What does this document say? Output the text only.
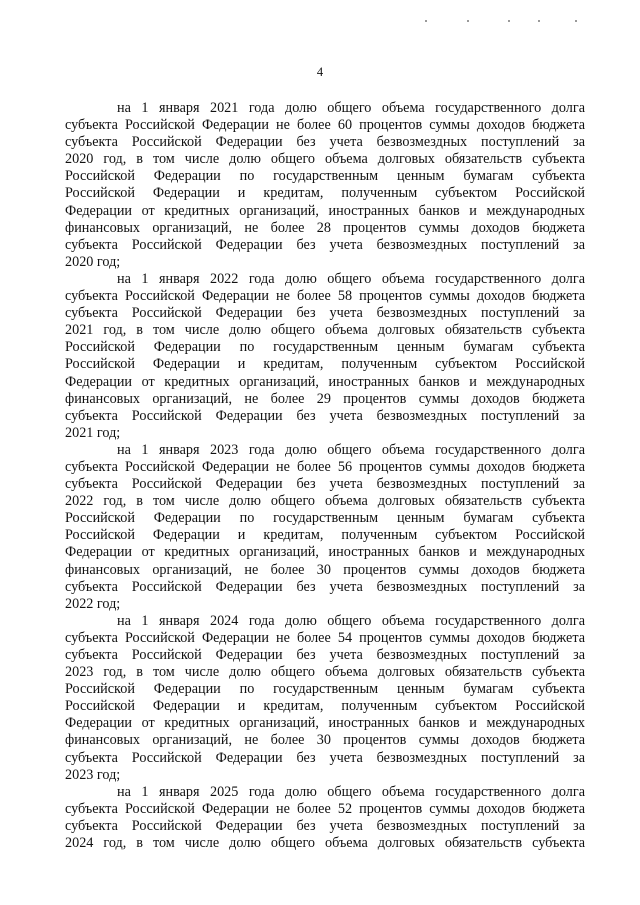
4
на 1 января 2021 года долю общего объема государственного долга
субъекта Российской Федерации не более 60 процентов суммы доходов бюджета
субъекта Российской Федерации без учета безвозмездных поступлений за
2020 год, в том числе долю общего объема долговых обязательств субъекта
Российской Федерации по государственным ценным бумагам субъекта
Российской Федерации и кредитам, полученным субъектом Российской
Федерации от кредитных организаций, иностранных банков и международных
финансовых организаций, не более 28 процентов суммы доходов бюджета
субъекта Российской Федерации без учета безвозмездных поступлений за
2020 год;
на 1 января 2022 года долю общего объема государственного долга
субъекта Российской Федерации не более 58 процентов суммы доходов бюджета
субъекта Российской Федерации без учета безвозмездных поступлений за
2021 год, в том числе долю общего объема долговых обязательств субъекта
Российской Федерации по государственным ценным бумагам субъекта
Российской Федерации и кредитам, полученным субъектом Российской
Федерации от кредитных организаций, иностранных банков и международных
финансовых организаций, не более 29 процентов суммы доходов бюджета
субъекта Российской Федерации без учета безвозмездных поступлений за
2021 год;
на 1 января 2023 года долю общего объема государственного долга
субъекта Российской Федерации не более 56 процентов суммы доходов бюджета
субъекта Российской Федерации без учета безвозмездных поступлений за
2022 год, в том числе долю общего объема долговых обязательств субъекта
Российской Федерации по государственным ценным бумагам субъекта
Российской Федерации и кредитам, полученным субъектом Российской
Федерации от кредитных организаций, иностранных банков и международных
финансовых организаций, не более 30 процентов суммы доходов бюджета
субъекта Российской Федерации без учета безвозмездных поступлений за
2022 год;
на 1 января 2024 года долю общего объема государственного долга
субъекта Российской Федерации не более 54 процентов суммы доходов бюджета
субъекта Российской Федерации без учета безвозмездных поступлений за
2023 год, в том числе долю общего объема долговых обязательств субъекта
Российской Федерации по государственным ценным бумагам субъекта
Российской Федерации и кредитам, полученным субъектом Российской
Федерации от кредитных организаций, иностранных банков и международных
финансовых организаций, не более 30 процентов суммы доходов бюджета
субъекта Российской Федерации без учета безвозмездных поступлений за
2023 год;
на 1 января 2025 года долю общего объема государственного долга
субъекта Российской Федерации не более 52 процентов суммы доходов бюджета
субъекта Российской Федерации без учета безвозмездных поступлений за
2024 год, в том числе долю общего объема долговых обязательств субъекта
